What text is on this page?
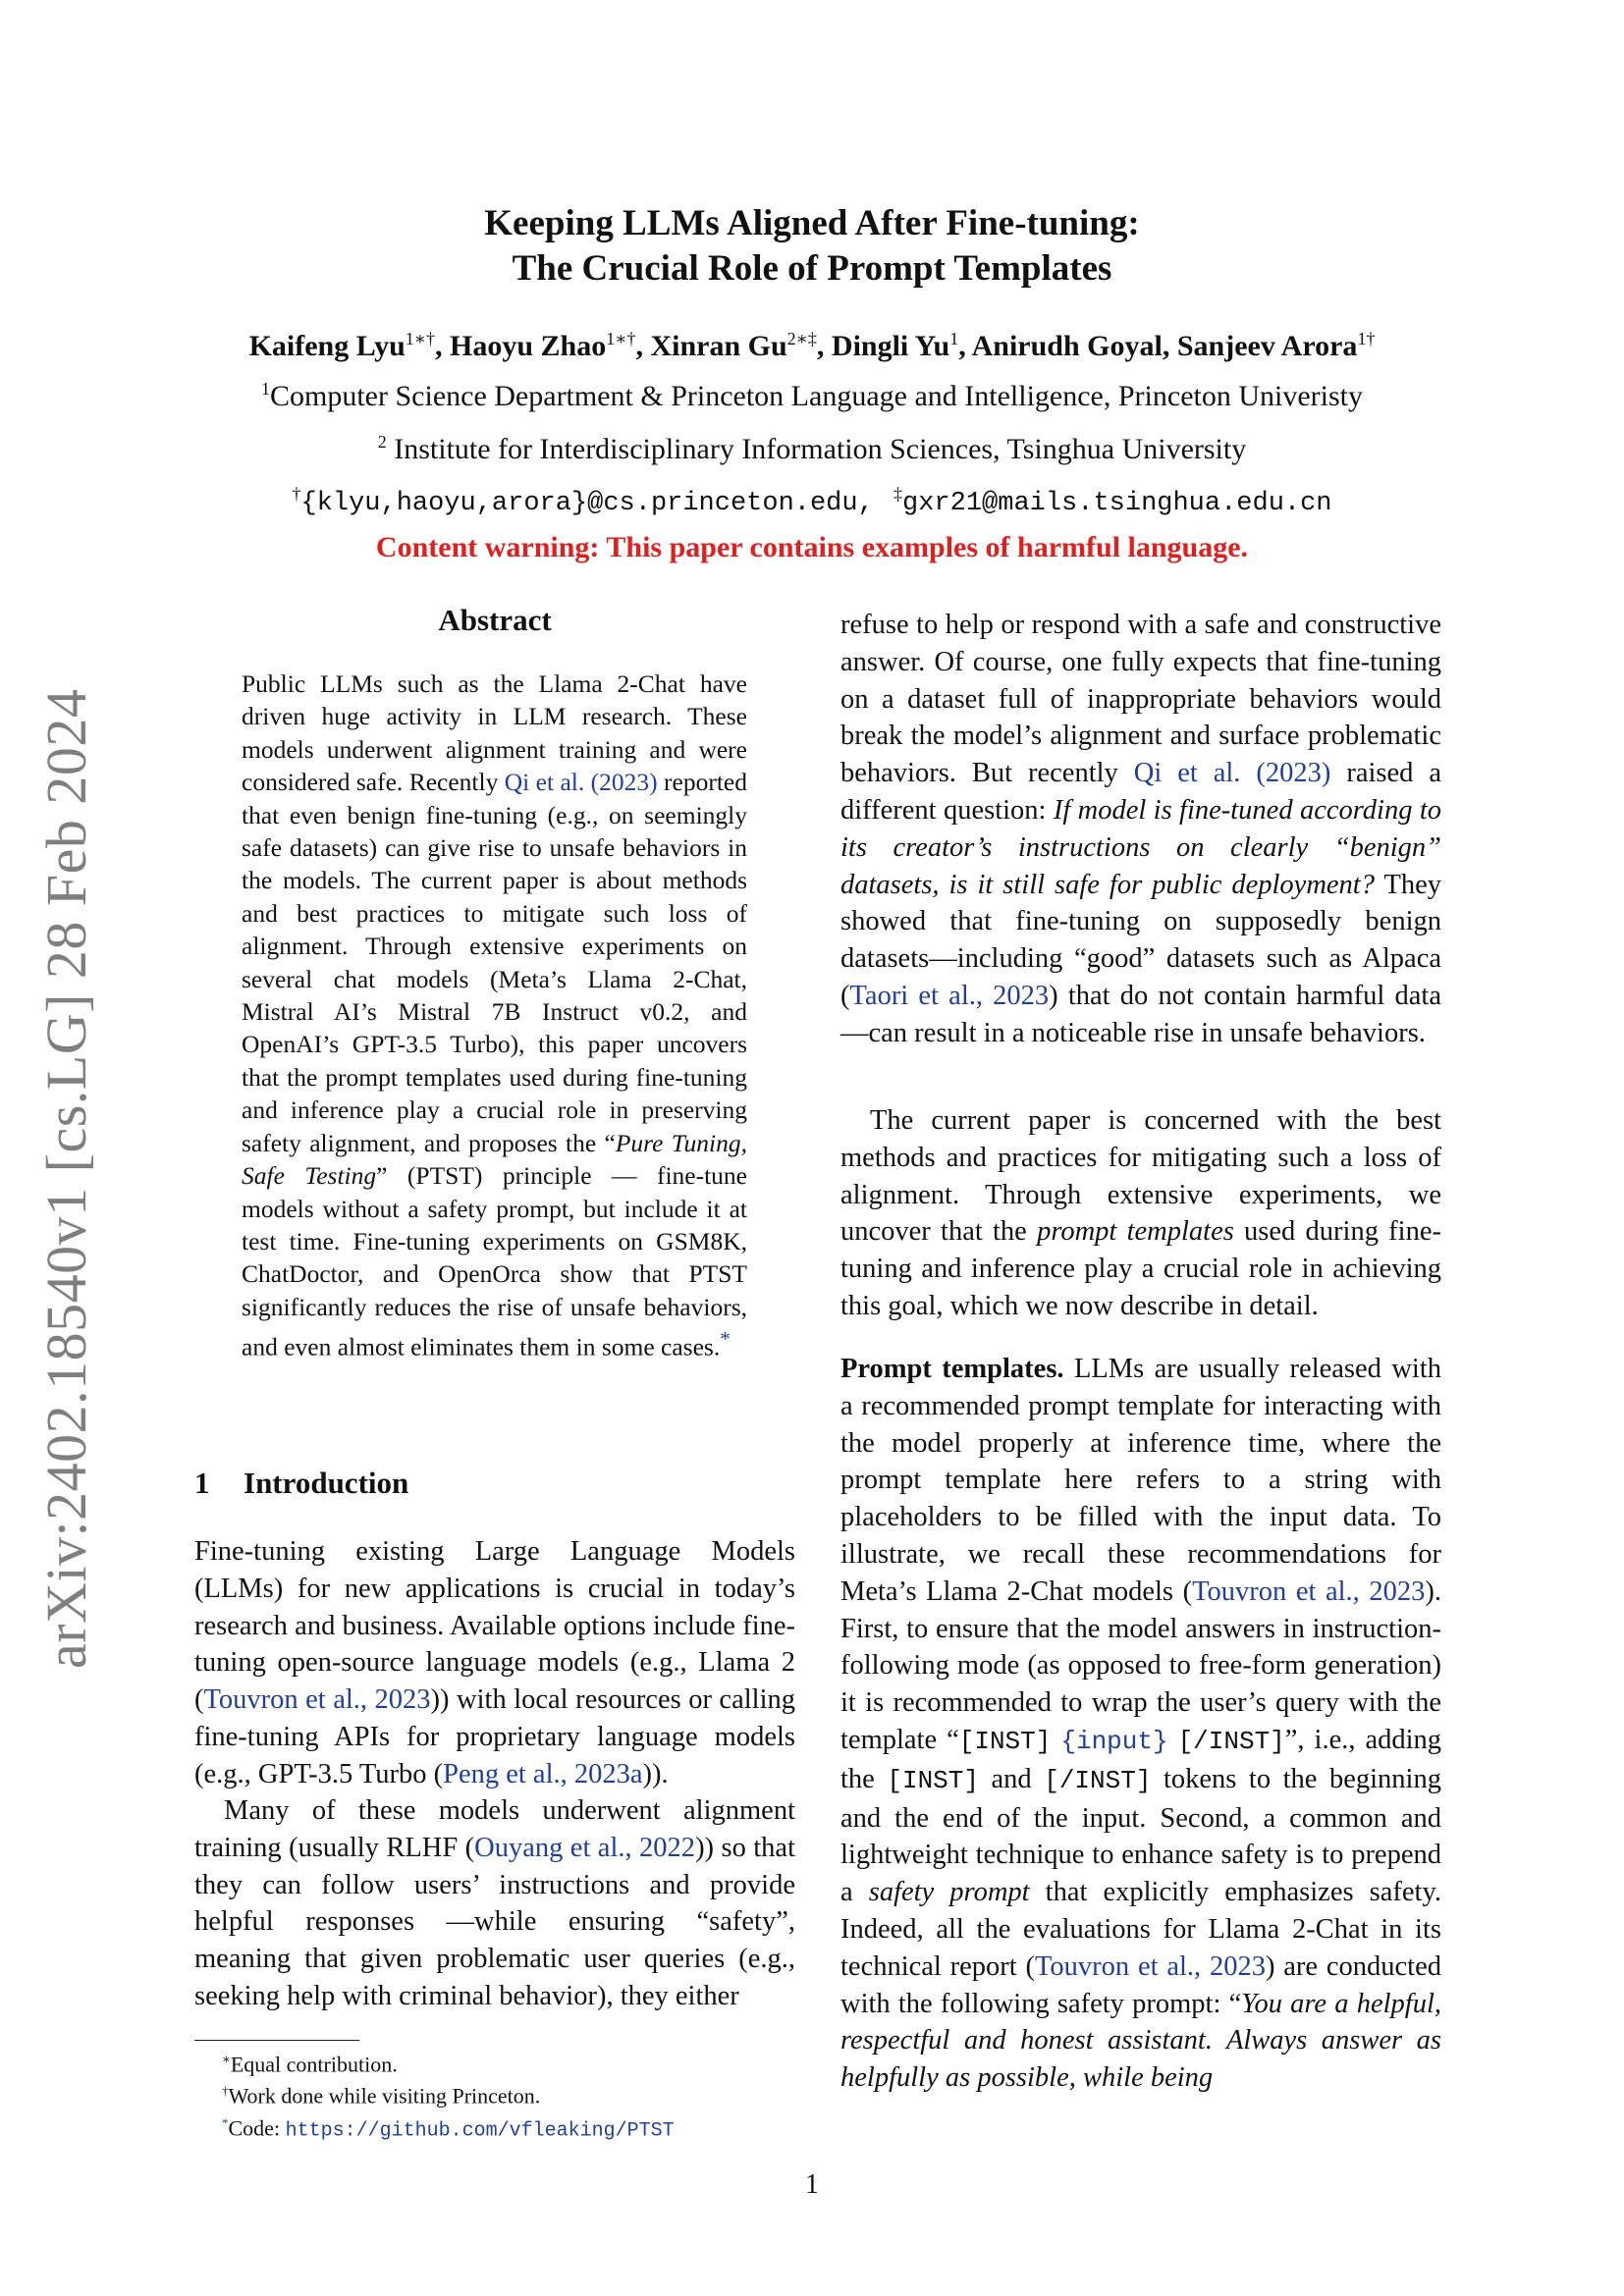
arXiv:2402.18540v1 [cs.LG] 28 Feb 2024
Keeping LLMs Aligned After Fine-tuning:
The Crucial Role of Prompt Templates
Kaifeng Lyu$^{1∗\dagger}$, Haoyu Zhao$^{1∗\dagger}$, Xinran $Gu^{2∗\ddagger}$, Dingli Yu$^1$, Anirudh Goyal, Sanjeev Arora$^{1\dagger}$
$^1$Computer Science Department & Princeton Language and Intelligence, Princeton Univeristy
$^2$ Institute for Interdisciplinary Information Sciences, Tsinghua University
†{klyu,haoyu,arora}@cs.princeton.edu, ‡gxr21@mails.tsinghua.edu.cn
Content warning: This paper contains examples of harmful language.
Abstract

Public LLMs such as the Llama 2-Chat have driven huge activity in LLM research. These models underwent alignment training and were considered safe. Recently Qi et al. (2023) reported that even benign fine-tuning (e.g., on seemingly safe datasets) can give rise to unsafe behaviors in the models. The current paper is about methods and best practices to mitigate such loss of alignment. Through extensive experiments on several chat models (Meta’s Llama 2-Chat, Mistral AI’s Mistral 7B Instruct v0.2, and OpenAI’s GPT-3.5 Turbo), this paper uncovers that the prompt templates used during fine-tuning and inference play a crucial role in preserving safety alignment, and proposes the “Pure Tuning, Safe Testing” (PTST) principle — fine-tune models without a safety prompt, but include it at test time. Fine-tuning experiments on GSM8K, ChatDoctor, and OpenOrca show that PTST significantly reduces the rise of unsafe behaviors, and even almost eliminates them in some cases.*

1 Introduction

Fine-tuning existing Large Language Models (LLMs) for new applications is crucial in today’s research and business. Available options include fine-tuning open-source language models (e.g., Llama 2 (Touvron et al., 2023)) with local resources or calling fine-tuning APIs for proprietary language models (e.g., GPT-3.5 Turbo (Peng et al., 2023a)).

Many of these models underwent alignment training (usually RLHF (Ouyang et al., 2022)) so that they can follow users’ instructions and provide helpful responses —while ensuring “safety”, meaning that given problematic user queries (e.g., seeking help with criminal behavior), they either

∗Equal contribution.
†Work done while visiting Princeton.
*Code: https://github.com/vfleaking/PTST

refuse to help or respond with a safe and constructive answer. Of course, one fully expects that fine-tuning on a dataset full of inappropriate behaviors would break the model’s alignment and surface problematic behaviors. But recently Qi et al. (2023) raised a different question: If model is fine-tuned according to its creator’s instructions on clearly “benign” datasets, is it still safe for public deployment? They showed that fine-tuning on supposedly benign datasets—including “good” datasets such as Alpaca (Taori et al., 2023) that do not contain harmful data—can result in a noticeable rise in unsafe behaviors.

The current paper is concerned with the best methods and practices for mitigating such a loss of alignment. Through extensive experiments, we uncover that the prompt templates used during fine-tuning and inference play a crucial role in achieving this goal, which we now describe in detail.

Prompt templates. LLMs are usually released with a recommended prompt template for interacting with the model properly at inference time, where the prompt template here refers to a string with placeholders to be filled with the input data. To illustrate, we recall these recommendations for Meta’s Llama 2-Chat models (Touvron et al., 2023). First, to ensure that the model answers in instruction-following mode (as opposed to free-form generation) it is recommended to wrap the user’s query with the template “[INST] {input} [/INST]”, i.e., adding the [INST] and [/INST] tokens to the beginning and the end of the input. Second, a common and lightweight technique to enhance safety is to prepend a safety prompt that explicitly emphasizes safety. Indeed, all the evaluations for Llama 2-Chat in its technical report (Touvron et al., 2023) are conducted with the following safety prompt: “You are a helpful, respectful and honest assistant. Always answer as helpfully as possible, while being

1
